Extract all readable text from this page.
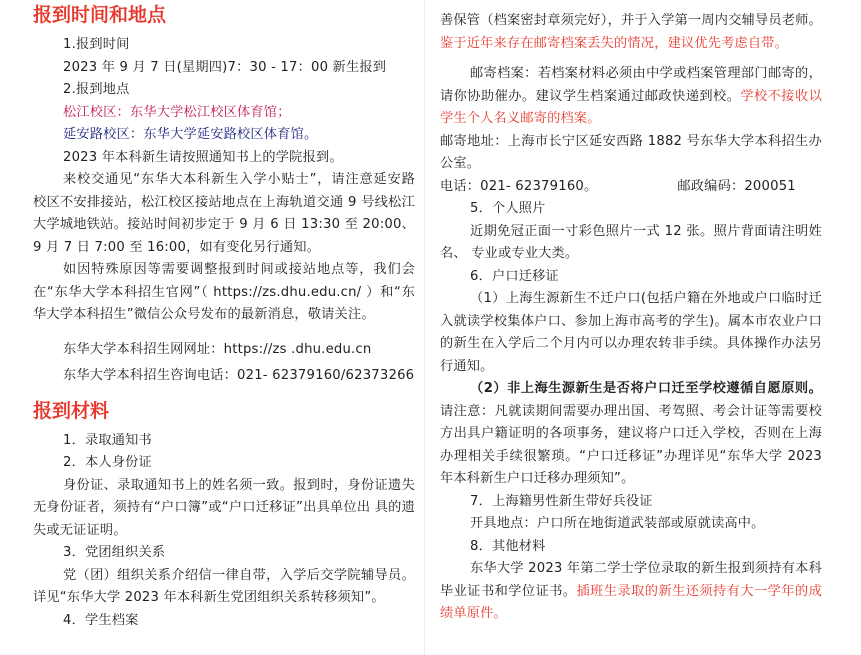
报到时间和地点

1.报到时间

2023 年 9 月 7 日(星期四)7：30 - 17：00 新生报到

2.报到地点

松江校区：东华大学松江校区体育馆；

延安路校区：东华大学延安路校区体育馆。

2023 年本科新生请按照通知书上的学院报到。

来校交通见“东华大本科新生入学小贴士”，请注意延安路 校区不安排接站，松江校区接站地点在上海轨道交通 9 号线松江 大学城地铁站。接站时间初步定于 9 月 6 日 13:30 至 20:00、9 月 7 日 7:00 至 16:00，如有变化另行通知。

如因特殊原因等需要调整报到时间或接站地点等，我们会在“东华大学本科招生官网”（ https://zs.dhu.edu.cn/ ）和“东华大学本科招生”微信公众号发布的最新消息，敬请关注。

东华大学本科招生网网址：https://zs .dhu.edu.cn

东华大学本科招生咨询电话：021- 62379160/62373266

报到材料

1．录取通知书

2．本人身份证

身份证、录取通知书上的姓名须一致。报到时，身份证遗失无身份证者，须持有“户口簿”或“户口迁移证”出具单位出 具的遗失或无证证明。

3．党团组织关系

党（团）组织关系介绍信一律自带，入学后交学院辅导员。 详见“东华大学 2023 年本科新生党团组织关系转移须知”。

4．学生档案

善保管（档案密封章须完好），并于入学第一周内交辅导员老师。鉴于近年来存在邮寄档案丢失的情况，建议优先考虑自带。

邮寄档案：若档案材料必须由中学或档案管理部门邮寄的，请你协助催办。建议学生档案通过邮政快递到校。学校不接收以学生个人名义邮寄的档案。

邮寄地址：上海市长宁区延安西路 1882 号东华大学本科招生办公室。

电话：021- 62379160。	邮政编码：200051

5．个人照片

近期免冠正面一寸彩色照片一式 12 张。照片背面请注明姓名、 专业或专业大类。

6．户口迁移证

（1）上海生源新生不迁户口(包括户籍在外地或户口临时迁入就读学校集体户口、参加上海市高考的学生)。属本市农业户口的新生在入学后二个月内可以办理农转非手续。具体操作办法另行通知。

（2）非上海生源新生是否将户口迁至学校遵循自愿原则。请注意：凡就读期间需要办理出国、考驾照、考会计证等需要校方出具户籍证明的各项事务，建议将户口迁入学校，否则在上海办理相关手续很繁琐。“户口迁移证”办理详见“东华大学 2023 年本科新生户口迁移办理须知”。

7．上海籍男性新生带好兵役证

开具地点：户口所在地街道武装部或原就读高中。

8．其他材料

东华大学 2023 年第二学士学位录取的新生报到须持有本科 毕业证书和学位证书。插班生录取的新生还须持有大一学年的成绩单原件。
